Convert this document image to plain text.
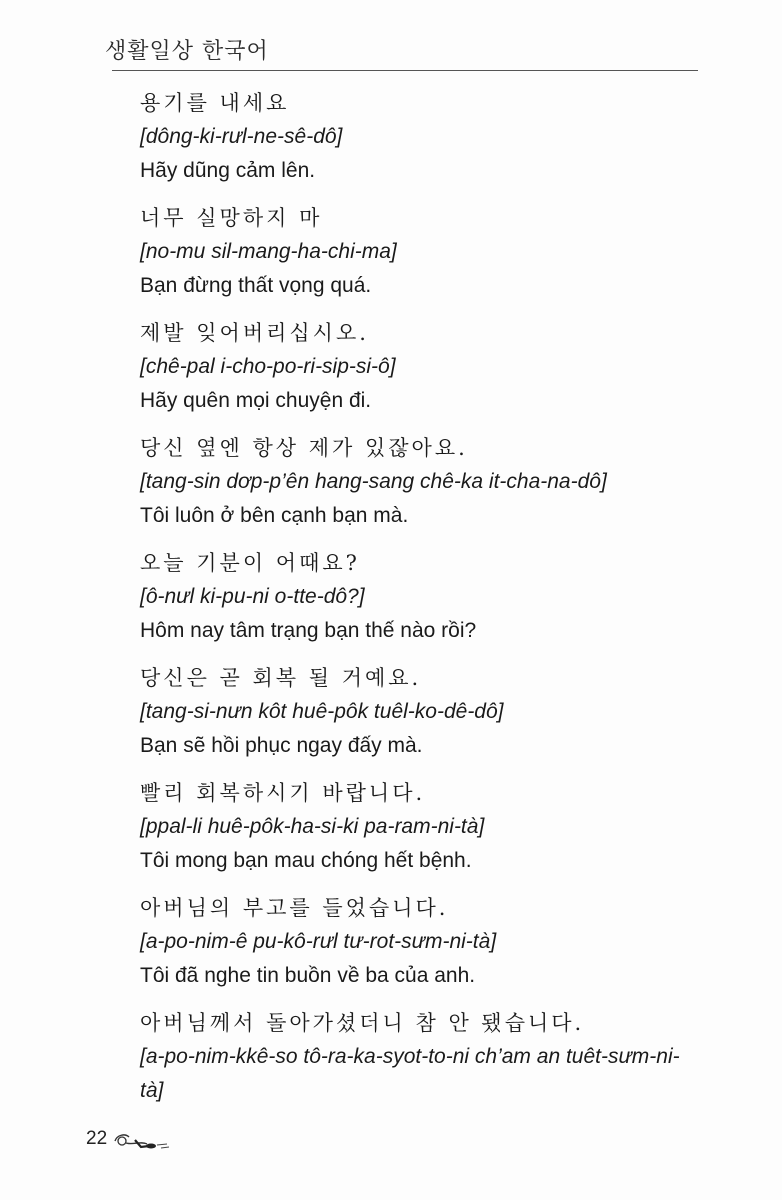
생활일상 한국어
용기를 내세요
[dông-ki-rưl-ne-sê-dô]
Hãy dũng cảm lên.
너무 실망하지 마
[no-mu sil-mang-ha-chi-ma]
Bạn đừng thất vọng quá.
제발 잊어버리십시오.
[chê-pal i-cho-po-ri-sip-si-ô]
Hãy quên mọi chuyện đi.
당신 옆엔 항상 제가 있잖아요.
[tang-sin dơp-p’ên hang-sang chê-ka it-cha-na-dô]
Tôi luôn ở bên cạnh bạn mà.
오늘 기분이 어때요?
[ô-nưl ki-pu-ni o-tte-dô?]
Hôm nay tâm trạng bạn thế nào rồi?
당신은 곧 회복 될 거예요.
[tang-si-nưn kôt huê-pôk tuêl-ko-dê-dô]
Bạn sẽ hồi phục ngay đấy mà.
빨리 회복하시기 바랍니다.
[ppal-li huê-pôk-ha-si-ki pa-ram-ni-tà]
Tôi mong bạn mau chóng hết bệnh.
아버님의 부고를 들었습니다.
[a-po-nim-ê pu-kô-rưl tư-rot-sưm-ni-tà]
Tôi đã nghe tin buồn về ba của anh.
아버님께서 돌아가셨더니 참 안 됐습니다.
[a-po-nim-kkê-so tô-ra-ka-syot-to-ni ch’am an tuêt-sưm-ni-tà]
22
